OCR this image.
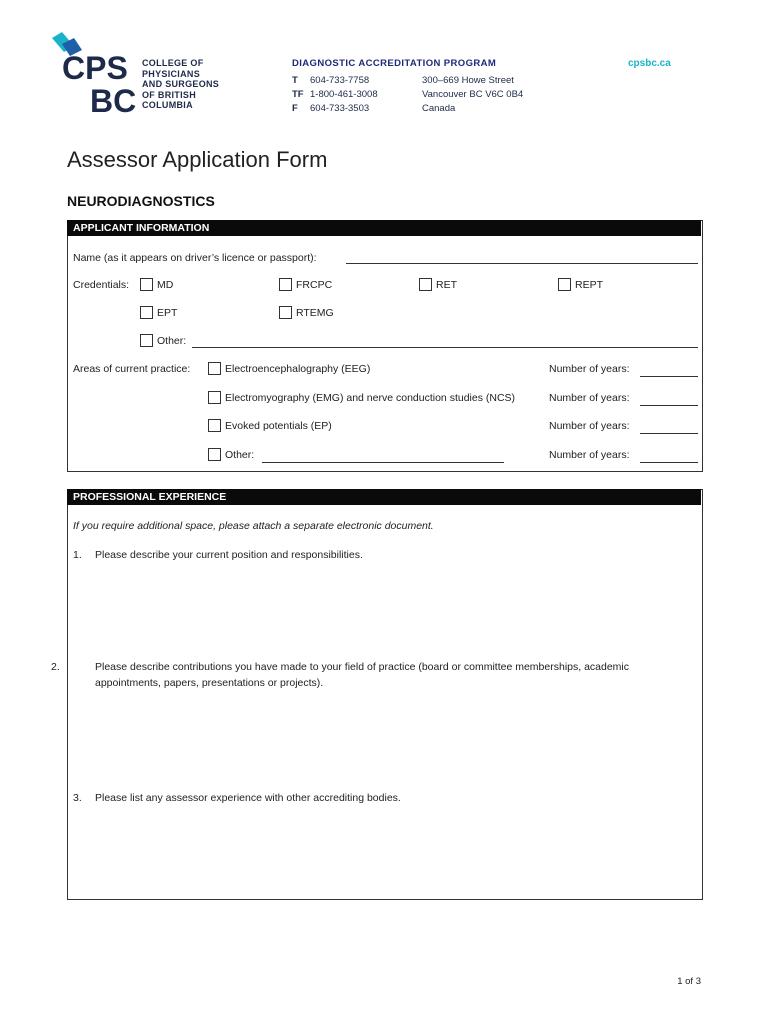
CPS
BC
COLLEGE OF
PHYSICIANS
AND SURGEONS
OF BRITISH
COLUMBIA
DIAGNOSTIC ACCREDITATION PROGRAM
T 604-733-7758
TF 1-800-461-3008
F 604-733-3503
300–669 Howe Street
Vancouver BC V6C 0B4
Canada
cpsbc.ca
Assessor Application Form
NEURODIAGNOSTICS
APPLICANT INFORMATION
Name (as it appears on driver’s licence or passport):
Credentials:	MD	FRCPC	RET	REPT
EPT	RTEMG
Other:
Areas of current practice:	Electroencephalography (EEG)	Number of years:
Electromyography (EMG) and nerve conduction studies (NCS)	Number of years:
Evoked potentials (EP)	Number of years:
Other:	Number of years:
PROFESSIONAL EXPERIENCE
If you require additional space, please attach a separate electronic document.
1. Please describe your current position and responsibilities.
2.	Please describe contributions you have made to your field of practice (board or committee memberships, academic appointments, papers, presentations or projects).
3. Please list any assessor experience with other accrediting bodies.
1 of 3
